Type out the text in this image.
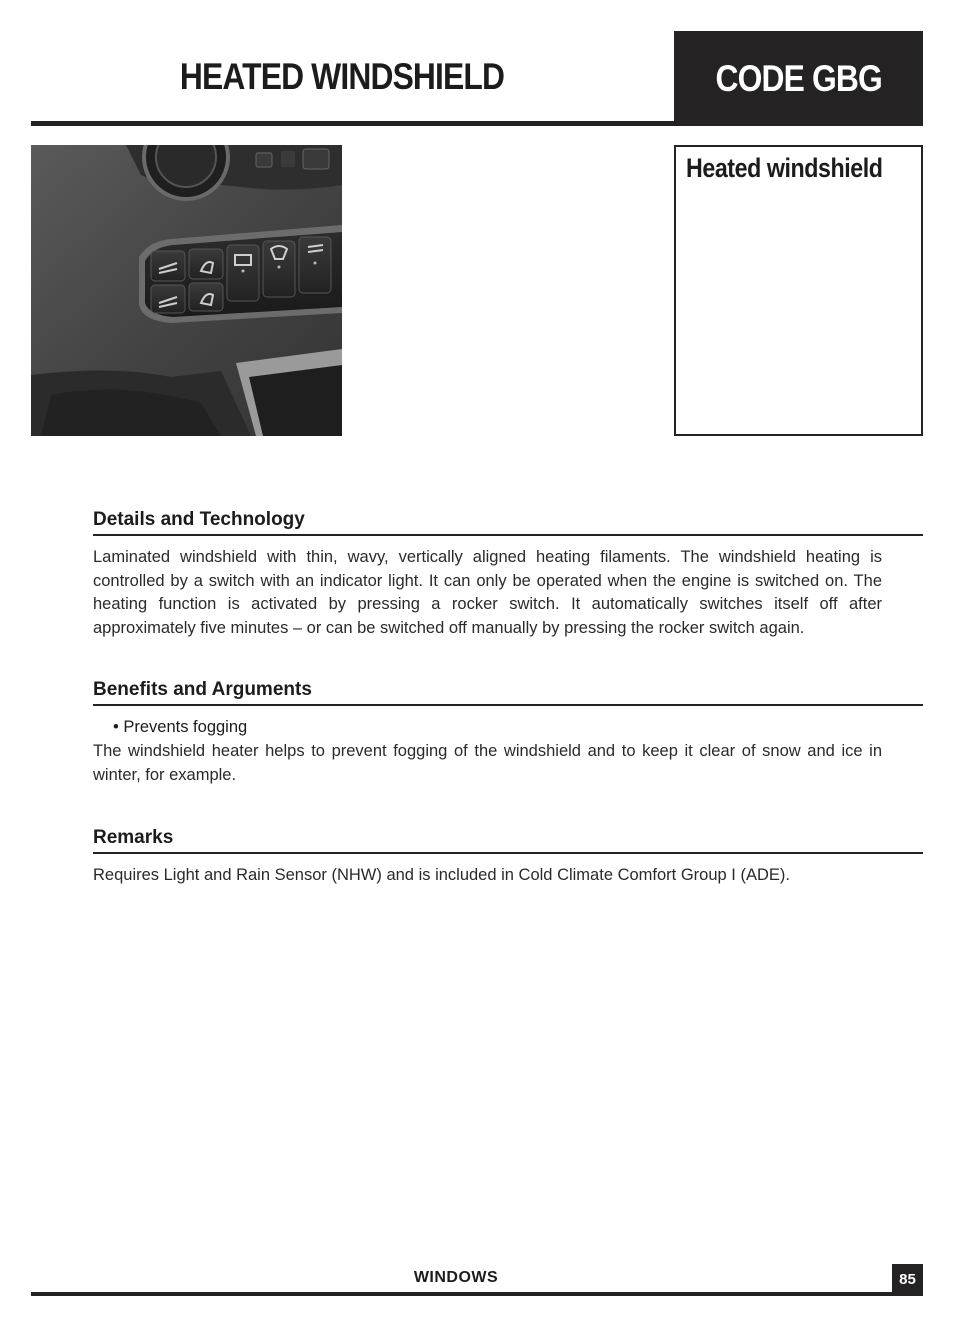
HEATED WINDSHIELD	CODE GBG
Heated windshield
Details and Technology

Laminated windshield with thin, wavy, vertically aligned heating filaments. The windshield heating is controlled by a switch with an indicator light. It can only be operated when the engine is switched on. The heating function is activated by pressing a rocker switch. It automatically switches itself off after approximately five minutes – or can be switched off manually by pressing the rocker switch again.

Benefits and Arguments

• Prevents fogging

The windshield heater helps to prevent fogging of the windshield and to keep it clear of snow and ice in winter, for example.

Remarks

Requires Light and Rain Sensor (NHW) and is included in Cold Climate Comfort Group I (ADE).

WINDOWS	85
